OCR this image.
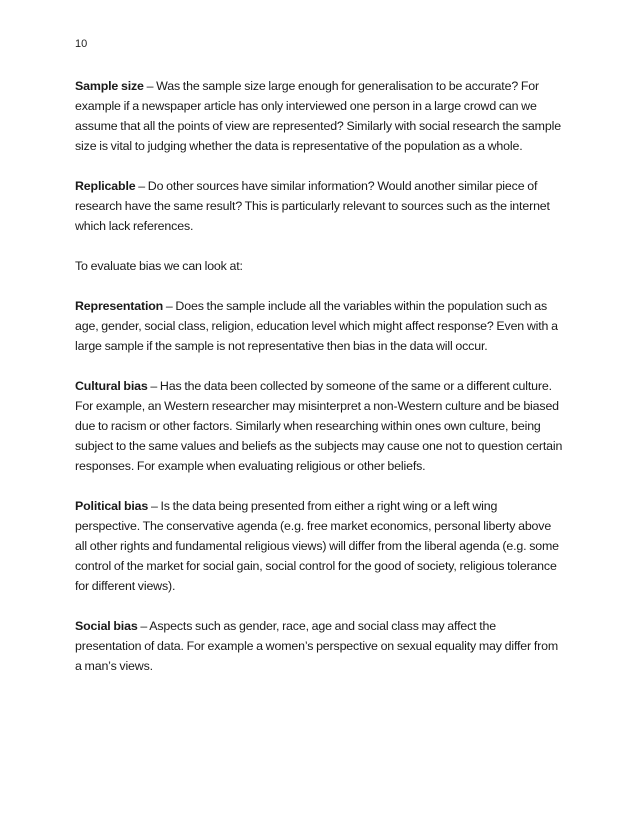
10

Sample size – Was the sample size large enough for generalisation to be accurate? For example if a newspaper article has only interviewed one person in a large crowd can we assume that all the points of view are represented? Similarly with social research the sample size is vital to judging whether the data is representative of the population as a whole.

Replicable – Do other sources have similar information? Would another similar piece of research have the same result? This is particularly relevant to sources such as the internet which lack references.

To evaluate bias we can look at:

Representation – Does the sample include all the variables within the population such as age, gender, social class, religion, education level which might affect response? Even with a large sample if the sample is not representative then bias in the data will occur.

Cultural bias – Has the data been collected by someone of the same or a different culture. For example, an Western researcher may misinterpret a non-Western culture and be biased due to racism or other factors. Similarly when researching within ones own culture, being subject to the same values and beliefs as the subjects may cause one not to question certain responses. For example when evaluating religious or other beliefs.

Political bias – Is the data being presented from either a right wing or a left wing perspective. The conservative agenda (e.g. free market economics, personal liberty above all other rights and fundamental religious views) will differ from the liberal agenda (e.g. some control of the market for social gain, social control for the good of society, religious tolerance for different views).

Social bias – Aspects such as gender, race, age and social class may affect the presentation of data. For example a women’s perspective on sexual equality may differ from a man’s views.
